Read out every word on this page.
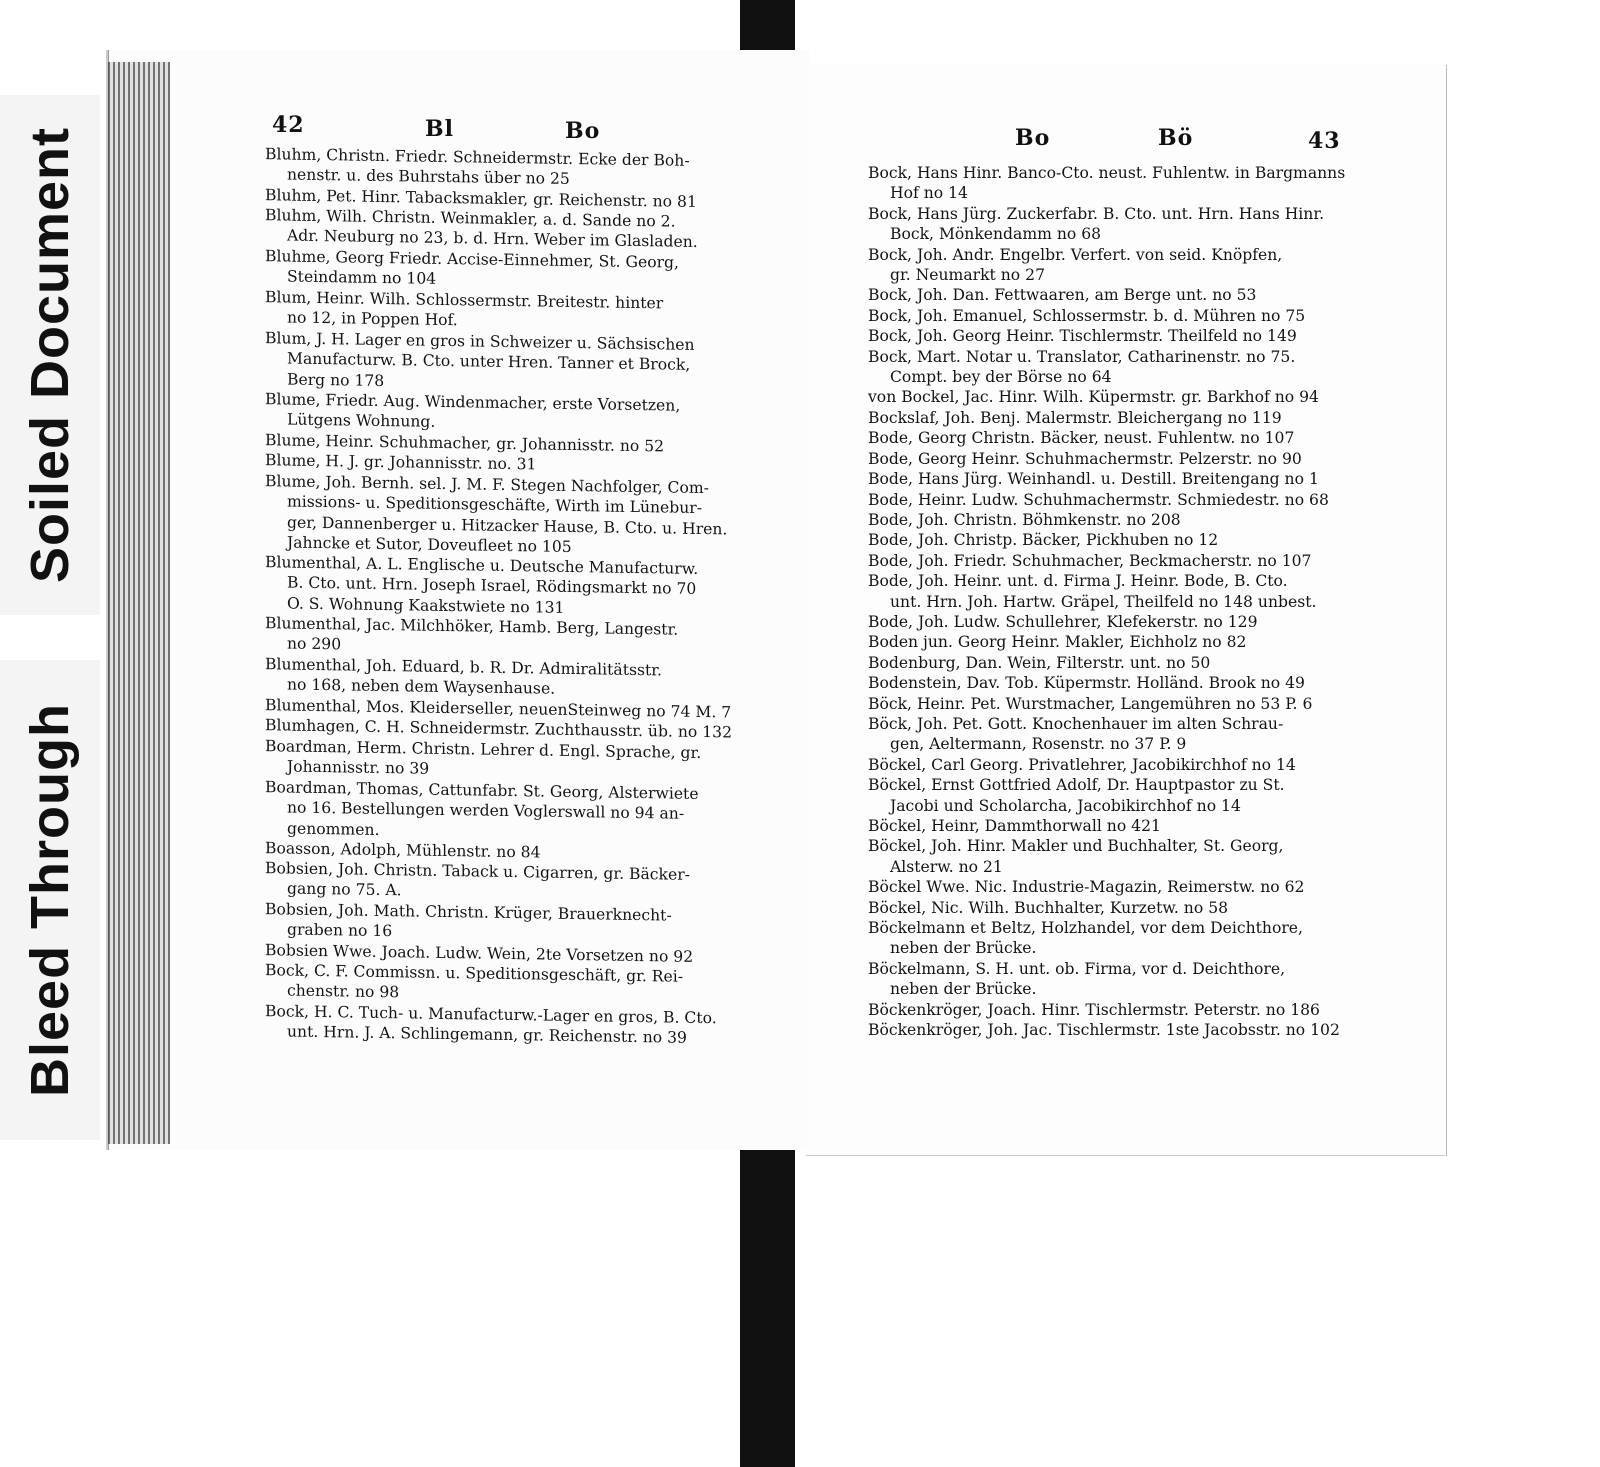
Soiled Document
Bleed Through
42	Bl	Bo	Bo	Bö	43
Bluhm, Christn. Friedr. Schneidermstr. Ecke der Boh-
nenstr. u. des Buhrstahs über no 25
Bluhm, Pet. Hinr. Tabacksmakler, gr. Reichenstr. no 81
Bluhm, Wilh. Christn. Weinmakler, a. d. Sande no 2.
Adr. Neuburg no 23, b. d. Hrn. Weber im Glasladen.
Bluhme, Georg Friedr. Accise-Einnehmer, St. Georg,
Steindamm no 104
Blum, Heinr. Wilh. Schlossermstr. Breitestr. hinter
no 12, in Poppen Hof.
Blum, J. H. Lager en gros in Schweizer u. Sächsischen
Manufacturw. B. Cto. unter Hren. Tanner et Brock,
Berg no 178
Blume, Friedr. Aug. Windenmacher, erste Vorsetzen,
Lütgens Wohnung.
Blume, Heinr. Schuhmacher, gr. Johannisstr. no 52
Blume, H. J. gr. Johannisstr. no. 31
Blume, Joh. Bernh. sel. J. M. F. Stegen Nachfolger, Com-
missions- u. Speditionsgeschäfte, Wirth im Lünebur-
ger, Dannenberger u. Hitzacker Hause, B. Cto. u. Hren.
Jahncke et Sutor, Doveufleet no 105
Blumenthal, A. L. Englische u. Deutsche Manufacturw.
B. Cto. unt. Hrn. Joseph Israel, Rödingsmarkt no 70
O. S. Wohnung Kaakstwiete no 131
Blumenthal, Jac. Milchhöker, Hamb. Berg, Langestr.
no 290
Blumenthal, Joh. Eduard, b. R. Dr. Admiralitätsstr.
no 168, neben dem Waysenhause.
Blumenthal, Mos. Kleiderseller, neuenSteinweg no 74 M. 7
Blumhagen, C. H. Schneidermstr. Zuchthausstr. üb. no 132
Boardman, Herm. Christn. Lehrer d. Engl. Sprache, gr.
Johannisstr. no 39
Boardman, Thomas, Cattunfabr. St. Georg, Alsterwiete
no 16. Bestellungen werden Voglerswall no 94 an-
genommen.
Boasson, Adolph, Mühlenstr. no 84
Bobsien, Joh. Christn. Taback u. Cigarren, gr. Bäcker-
gang no 75. A.
Bobsien, Joh. Math. Christn. Krüger, Brauerknecht-
graben no 16
Bobsien Wwe. Joach. Ludw. Wein, 2te Vorsetzen no 92
Bock, C. F. Commissn. u. Speditionsgeschäft, gr. Rei-
chenstr. no 98
Bock, H. C. Tuch- u. Manufacturw.-Lager en gros, B. Cto.
unt. Hrn. J. A. Schlingemann, gr. Reichenstr. no 39
Bock, Hans Hinr. Banco-Cto. neust. Fuhlentw. in Bargmanns
Hof no 14
Bock, Hans Jürg. Zuckerfabr. B. Cto. unt. Hrn. Hans Hinr.
Bock, Mönkendamm no 68
Bock, Joh. Andr. Engelbr. Verfert. von seid. Knöpfen,
gr. Neumarkt no 27
Bock, Joh. Dan. Fettwaaren, am Berge unt. no 53
Bock, Joh. Emanuel, Schlossermstr. b. d. Mühren no 75
Bock, Joh. Georg Heinr. Tischlermstr. Theilfeld no 149
Bock, Mart. Notar u. Translator, Catharinenstr. no 75.
Compt. bey der Börse no 64
von Bockel, Jac. Hinr. Wilh. Küpermstr. gr. Barkhof no 94
Bockslaf, Joh. Benj. Malermstr. Bleichergang no 119
Bode, Georg Christn. Bäcker, neust. Fuhlentw. no 107
Bode, Georg Heinr. Schuhmachermstr. Pelzerstr. no 90
Bode, Hans Jürg. Weinhandl. u. Destill. Breitengang no 1
Bode, Heinr. Ludw. Schuhmachermstr. Schmiedestr. no 68
Bode, Joh. Christn. Böhmkenstr. no 208
Bode, Joh. Christp. Bäcker, Pickhuben no 12
Bode, Joh. Friedr. Schuhmacher, Beckmacherstr. no 107
Bode, Joh. Heinr. unt. d. Firma J. Heinr. Bode, B. Cto.
unt. Hrn. Joh. Hartw. Gräpel, Theilfeld no 148 unbest.
Bode, Joh. Ludw. Schullehrer, Klefekerstr. no 129
Boden jun. Georg Heinr. Makler, Eichholz no 82
Bodenburg, Dan. Wein, Filterstr. unt. no 50
Bodenstein, Dav. Tob. Küpermstr. Holländ. Brook no 49
Böck, Heinr. Pet. Wurstmacher, Langemühren no 53 P. 6
Böck, Joh. Pet. Gott. Knochenhauer im alten Schrau-
gen, Aeltermann, Rosenstr. no 37 P. 9
Böckel, Carl Georg. Privatlehrer, Jacobikirchhof no 14
Böckel, Ernst Gottfried Adolf, Dr. Hauptpastor zu St.
Jacobi und Scholarcha, Jacobikirchhof no 14
Böckel, Heinr, Dammthorwall no 421
Böckel, Joh. Hinr. Makler und Buchhalter, St. Georg,
Alsterw. no 21
Böckel Wwe. Nic. Industrie-Magazin, Reimerstw. no 62
Böckel, Nic. Wilh. Buchhalter, Kurzetw. no 58
Böckelmann et Beltz, Holzhandel, vor dem Deichthore,
neben der Brücke.
Böckelmann, S. H. unt. ob. Firma, vor d. Deichthore,
neben der Brücke.
Böckenkröger, Joach. Hinr. Tischlermstr. Peterstr. no 186
Böckenkröger, Joh. Jac. Tischlermstr. 1ste Jacobsstr. no 102
